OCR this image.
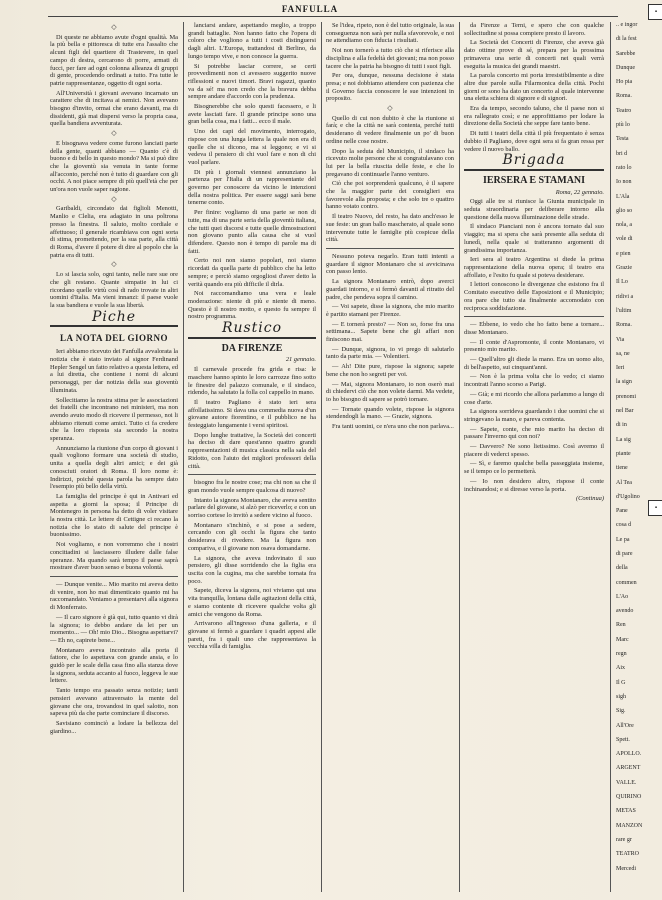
FANFULLA
◇

Di queste ne abbiamo avute d'ogni qualità. Ma la più bella e pittoresca di tutte era l'assalto che alcuni figli del quartiere di Trastevere, in quel campo di destra, cercarono di porre, armati di fucci, per fare ad ogni colonna alleanza di gruppi di gente, procedendo ordinati a tutto. Fra tutte le patrie rappresentanze, oggetto di ogni sorta.

All'Università i giovani avevano incarnato un carattere che di incitava ai nemici. Non avevano bisogno d'invito, ormai che erano davanti, ma di dissidenti, già mai dispersi verso la propria casa, quella bandiera avventurata.

◇

E bisognava vedere come furono lanciati parte della gente, quanti abbiano — Quanto c'è di buono e di bello in questo mondo? Ma si può dire che la gioventù sia venuta in tante forme all'acconto, perché non è tutto di guardare con gli occhi. A noi piace sempre di più quell'età che per un'ora non vuole saper ragione.

◇

Garibaldi, circondato dai figlioli Menotti, Manlio e Clelia, era adagiato in una poltrona presso la finestra. Il saluto, molto cordiale e affettuoso; il generale ricambiava con ogni sorta di stima, promettendo, per la sua parte, alla città di Roma, d'avere il potere di dire al popolo che la patria era di tutti.

◇

Lo si lascia solo, ogni tanto, nelle rare sue ore che gli restano. Quante simpatie in lui ci ricordano quelle virtù così di rado trovate in altri uomini d'Italia. Ma vieni innanzi: il paese vuole la sua bandiera e vuole la sua libertà.

Piche
LA NOTA DEL GIORNO

Ieri abbiamo ricevuto dei Fanfulla avvalorata la notizia che è stato inviato al signor Ferdinand Hepler Sengel un fatto relativo a questa lettera, ed a lui diretta, che contiene i nomi di alcuni personaggi, per dar notizia della sua gioventù illuminata.

Sollecitiamo la nostra stima per le associazioni dei fratelli che incontrano nei ministeri, ma non avendo avuto modo di ricevere il permesso, noi li abbiamo ritenuti come amici. Tutto ci fa credere che la loro risposta sia secondo la nostra speranza.

Annunziamo la riunione d'un corpo di giovani i quali vogliono formare una società di studio, unita a quella degli altri amici; e dei già conosciuti oratori di Roma. Il loro nome è: Indirizzi, poiché questa parola ha sempre dato l'esempio più bello della virtù.

La famiglia del principe è qui in Antivari ed aspetta a giorni la sposa; il Principe di Montenegro in persona ha detto di voler visitare la nostra città. Le lettere di Cettigne ci recano la notizia che lo stato di salute del principe è buonissimo.

Noi vogliamo, e non vorremmo che i nostri concittadini si lasciassero illudere dalle false speranze. Ma quando sarà tempo il paese saprà mostrare d'aver buon senso e buona volontà.

— Dunque venite... Mio marito mi aveva detto di venire, non ho mai dimenticato quanto mi ha raccomandato. Veniamo a presentarvi alla signora di Monferrato.

— Il caro signore è già qui, tutto quanto vi dirà la signora; io debbo andare da lei per un momento... — Oh! mio Dio... Bisogna aspettarvi? — Eh no, capirete bene...

Montanaro aveva incontrato alla porta il fattore, che lo aspettava con grande ansia, e lo guidò per le scale della casa fino alla stanza dove la signora, seduta accanto al fuoco, leggeva le sue lettere.

Tanto tempo era passato senza notizie; tanti pensieri avevano attraversato la mente del giovane che ora, trovandosi in quel salotto, non sapeva più da che parte cominciare il discorso.

Savisiano cominciò a lodare la bellezza del giardino...

lanciarsi andare, aspettando meglio, a troppo grandi battaglie. Non hanno fatto che l'opera di coloro che vogliono a tutti i costi distinguersi dagli altri. L'Europa, trattandosi di Berlino, da lungo tempo vive, e non conosce la guerra.

Si potrebbe lasciar correre, se certi provvedimenti non ci avessero suggerito nuove riflessioni e nuovi timori. Bravi ragazzi, quanto va da sé! ma non credo che la bravura debba sempre andare d'accordo con la prudenza.

Bisognerebbe che solo questi facessero, e li avete lasciati fare. Il grande principe sono una gran bella cosa, ma i fatti... ecco il male.

Uno dei capi del movimento, interrogato, rispose con una lunga lettera la quale non era di quelle che si dicono, ma si leggono; e vi si vedeva il pensiero di chi vuol fare e non di chi vuol parlare.

Di più i giornali viennesi annunziano la partenza per l'Italia di un rappresentante del governo per conoscere da vicino le intenzioni della nostra politica. Per essere saggi sarà bene tenerne conto.

Per finire: vogliamo di una parte se non di tutte, ma di una parte seria della gioventù italiana, che tutti quei discorsi e tutte quelle dimostrazioni non giovano punto alla causa che si vuol difendere. Questo non è tempo di parole ma di fatti.

Certo noi non siamo popolari, noi siamo ricordati da quella parte di pubblico che ha letto sempre; e perciò siamo orgogliosi d'aver detto la verità quando era più difficile il dirla.

Noi raccomandiamo una vera e leale moderazione: niente di più e niente di meno. Questo è il nostro motto, e questo fu sempre il nostro programma.

Rustico
DA FIRENZE
21 gennaio.

Il carnevale procede fra grida e risa: le maschere hanno spinto le loro carrozze fino sotto le finestre del palazzo comunale, e il sindaco, ridendo, ha salutato la folla col cappello in mano.

Il teatro Pagliano è stato ieri sera affollatissimo. Si dava una commedia nuova d'un giovane autore fiorentino, e il pubblico ne ha festeggiato lungamente i versi spiritosi.

Dopo lunghe trattative, la Società dei concerti ha deciso di dare quest'anno quattro grandi rappresentazioni di musica classica nella sala del Ridotto, con l'aiuto dei migliori professori della città.

bisogno fra le nostre cose; ma chi non sa che il gran mondo vuole sempre qualcosa di nuovo?

Intanto la signora Montanaro, che aveva sentito parlare del giovane, si alzò per riceverlo; e con un sorriso cortese lo invitò a sedere vicino al fuoco.

Montanaro s'inchinò, e si pose a sedere, cercando con gli occhi la figura che tanto desiderava di rivedere. Ma la figura non compariva, e il giovane non osava domandarne.

La signora, che aveva indovinato il suo pensiero, gli disse sorridendo che la figlia era uscita con la cugina, ma che sarebbe tornata fra poco.

Sapete, diceva la signora, noi viviamo qui una vita tranquilla, lontana dalle agitazioni della città, e siamo contente di ricevere qualche volta gli amici che vengono da Roma.

Arrivarono all'ingresso d'una galleria, e il giovane si fermò a guardare i quadri appesi alle pareti, fra i quali uno che rappresentava la vecchia villa di famiglia.

Se l'idea, ripeto, non è del tutto originale, la sua conseguenza non sarà per nulla sfavorevole, e noi ne attendiamo con fiducia i risultati.

Noi non tornerò a tutto ciò che si riferisce alla disciplina e alla fedeltà dei giovani; ma non posso tacere che la patria ha bisogno di tutti i suoi figli.

Per ora, dunque, nessuna decisione è stata presa; e noi dobbiamo attendere con pazienza che il Governo faccia conoscere le sue intenzioni in proposito.

◇

Quello di cui non dubito è che la riunione si farà; e che la città ne sarà contenta, perché tutti desiderano di vedere finalmente un po' di buon ordine nelle cose nostre.

Dopo la seduta del Municipio, il sindaco ha ricevuto molte persone che si congratulavano con lui per la bella riuscita delle feste, e che lo pregavano di continuarle l'anno venturo.

Ciò che poi sorprenderà qualcuno, è il sapere che la maggior parte dei consiglieri era favorevole alla proposta; e che solo tre o quattro hanno votato contro.

Il teatro Nuovo, del resto, ha dato anch'esso le sue feste: un gran ballo mascherato, al quale sono intervenute tutte le famiglie più cospicue della città.

Nessuno poteva negarlo. Eran tutti intenti a guardare il signor Montanaro che si avvicinava con passo lento.

La signora Montanaro entrò, dopo averci guardati intorno, e si fermò davanti al ritratto del padre, che pendeva sopra il camino.

— Voi sapete, disse la signora, che mio marito è partito stamani per Firenze.

— E tornerà presto? — Non so, forse fra una settimana... Sapete bene che gli affari non finiscono mai.

— Dunque, signora, io vi prego di salutarlo tanto da parte mia. — Volentieri.

— Ah! Dite pure, rispose la signora; sapete bene che non ho segreti per voi.

— Mai, signora Montanaro, io non oserò mai di chiedervi ciò che non volete darmi. Ma vedete, io ho bisogno di sapere se potrò tornare.

— Tornate quando volete, rispose la signora stendendogli la mano. — Grazie, signora.

Fra tanti uomini, ce n'era uno che non parlava...

da Firenze a Terni, e spero che con qualche sollecitudine si possa compiere presto il lavoro.

La Società dei Concerti di Firenze, che aveva già dato ottime prove di sé, prepara per la prossima primavera una serie di concerti nei quali verrà eseguita la musica dei grandi maestri.

La parola concerto mi porta irresistibilmente a dire altre due parole sulla Filarmonica della città. Pochi giorni or sono ha dato un concerto al quale intervenne una eletta schiera di signore e di signori.

Era da tempo, secondo taluno, che il paese non si era rallegrato così; e ne approfittiamo per lodare la direzione della Società che seppe fare tanto bene.

Di tutti i teatri della città il più frequentato è senza dubbio il Pagliano, dove ogni sera si fa gran ressa per vedere il nuovo ballo.

Brigada
IERSERA E STAMANI
Roma, 22 gennaio.

Oggi alle tre si riunisce la Giunta municipale in seduta straordinaria per deliberare intorno alla questione della nuova illuminazione delle strade.

Il sindaco Pianciani non è ancora tornato dal suo viaggio; ma si spera che sarà presente alla seduta di lunedì, nella quale si tratteranno argomenti di grandissima importanza.

Ieri sera al teatro Argentina si diede la prima rappresentazione della nuova opera; il teatro era affollato, e l'esito fu quale si poteva desiderare.

I lettori conoscono le divergenze che esistono fra il Comitato esecutivo delle Esposizioni e il Municipio; ora pare che tutto sia finalmente accomodato con reciproca soddisfazione.

— Ebbene, io vedo che ho fatto bene a tornare... disse Montanaro.

— Il conte d'Aspromonte, il conte Montanaro, vi presento mio marito.

— Quell'altro gli diede la mano. Era un uomo alto, di bell'aspetto, sui cinquant'anni.

— Non è la prima volta che lo vedo; ci siamo incontrati l'anno scorso a Parigi.

— Già; e mi ricordo che allora parlammo a lungo di cose d'arte.

La signora sorrideva guardando i due uomini che si stringevano la mano, e pareva contenta.

— Sapete, conte, che mio marito ha deciso di passare l'inverno qui con noi?

— Davvero? Ne sono lietissimo. Così avremo il piacere di vederci spesso.

— Sì, e faremo qualche bella passeggiata insieme, se il tempo ce lo permetterà.

— Io non desidero altro, rispose il conte inchinandosi; e si diresse verso la porta.

(Continua)
.. e ingor
di la fest
Sarebbe
Dunque
Ho pia
Roma.
Teatro
più lo
Testa
bri d
rato lo
Io non
L'Ala
glio so
nola, a
vole di
e pien
Grazie
Il Lo
ridivi a
l'ultim
Roma.
Via
sa, ne
Ieri
la sign
prenomi
nel Bar
di in
La sig
piante
tiene
Al Tea
d'Ugolino
Pane
cosa d
Le pa
di pare
della
commen
L'Ao
avendo
Ren
Marc
regn
Aix
Il G
sigh
Sig.
All'Ore
Spett.
APOLLO.
ARGENT
VALLE.
QUIRINO
METAS
MANZON
rare gr
TEATRO
Mercedi
▪
▪
